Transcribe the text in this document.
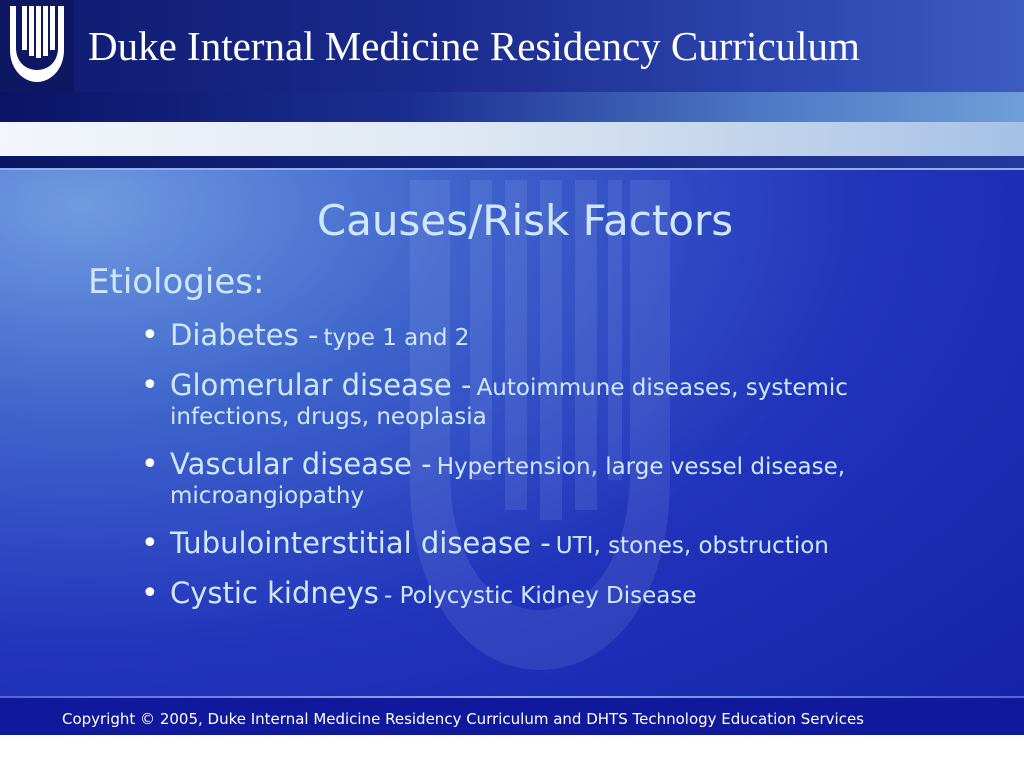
Duke Internal Medicine Residency Curriculum
Causes/Risk Factors
Etiologies:
• Diabetes - type 1 and 2
• Glomerular disease - Autoimmune diseases, systemic infections, drugs, neoplasia
• Vascular disease - Hypertension, large vessel disease, microangiopathy
• Tubulointerstitial disease - UTI, stones, obstruction
• Cystic kidneys - Polycystic Kidney Disease
Copyright © 2005, Duke Internal Medicine Residency Curriculum and DHTS Technology Education Services
